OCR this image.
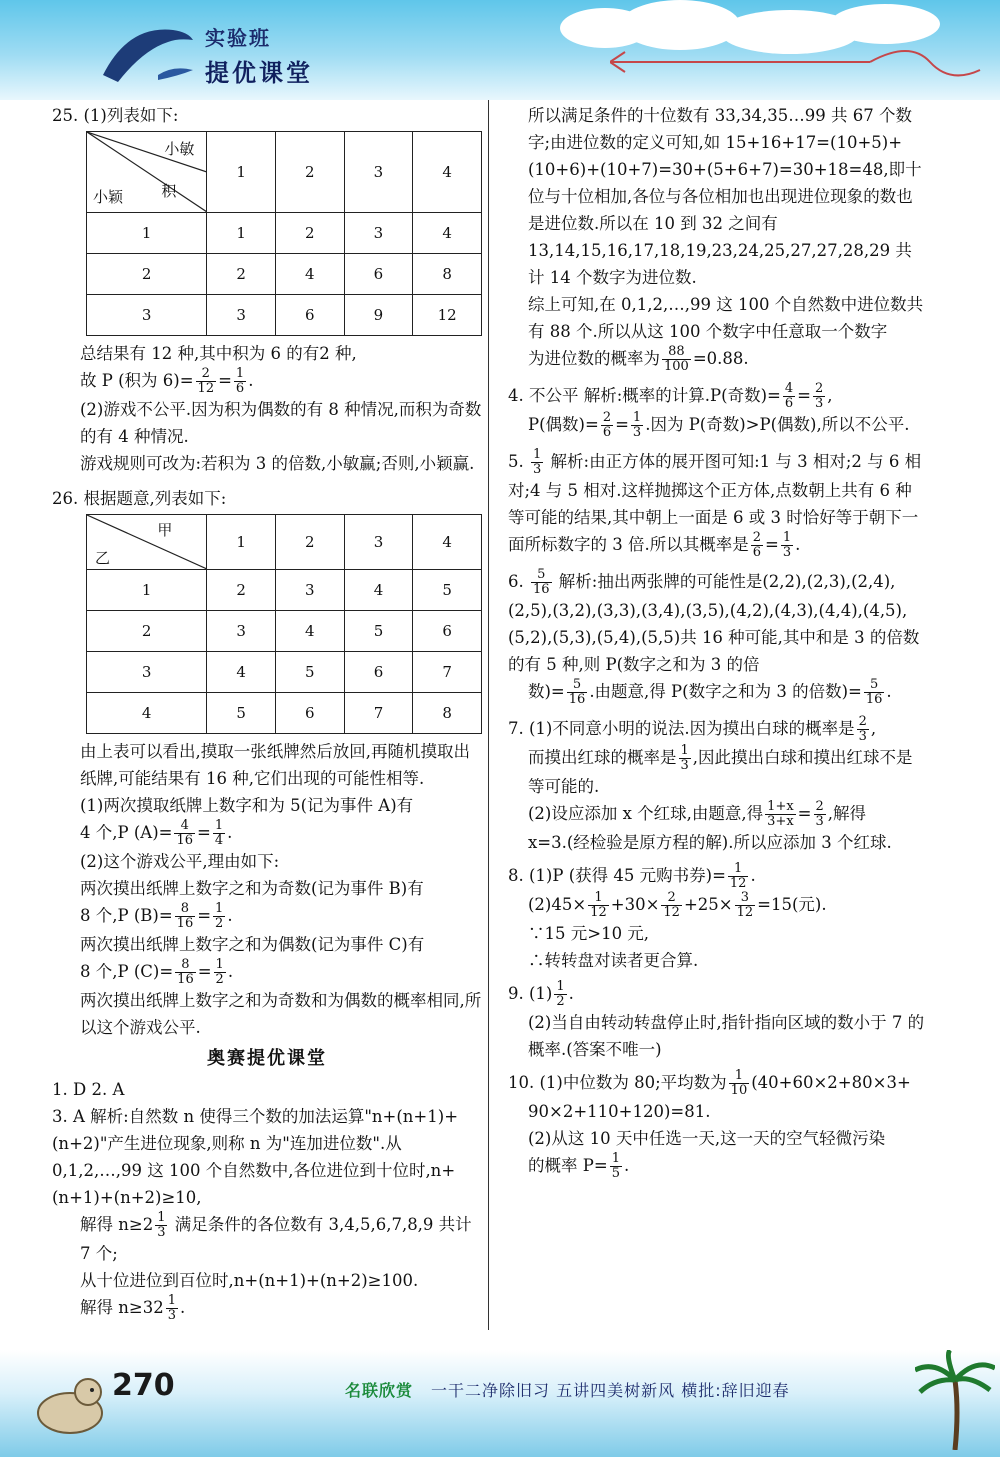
实验班
提优课堂

25. (1)列表如下:

小敏
积
小颖	1	2	3	4
1	1	2	3	4
2	2	4	6	8
3	3	6	9	12

总结果有 12 种,其中积为 6 的有2 种,

故 P (积为 $6)= \frac{2}{12} = \frac{1}{6}$ .

(2)游戏不公平.因为积为偶数的有 8 种情况,而积为奇数的有 4 种情况.

游戏规则可改为:若积为 3 的倍数,小敏赢;否则,小颖赢.

26. 根据题意,列表如下:

甲
乙	1	2	3	4
1	2	3	4	5
2	3	4	5	6
3	4	5	6	7
4	5	6	7	8

由上表可以看出,摸取一张纸牌然后放回,再随机摸取出纸牌,可能结果有 16 种,它们出现的可能性相等.

(1)两次摸取纸牌上数字和为 5(记为事件 A)有

4 个,P $(A)= \frac{4}{16} = \frac{1}{4}$ .

(2)这个游戏公平,理由如下:

两次摸出纸牌上数字之和为奇数(记为事件 B)有

8 个,P $(B)= \frac{8}{16} = \frac{1}{2}$ .

两次摸出纸牌上数字之和为偶数(记为事件 C)有

8 个,P $(C)= \frac{8}{16} = \frac{1}{2}$ .

两次摸出纸牌上数字之和为奇数和为偶数的概率相同,所以这个游戏公平.

奥赛提优课堂

1. D 2. A

3. A 解析:自然数 n 使得三个数的加法运算"n+(n+1)+(n+2)"产生进位现象,则称 n 为"连加进位数".从 0,1,2,…,99 这 100 个自然数中,各位进位到十位时,n+(n+1)+(n+2)≥10,

解得 $n\ge 2 \frac{1}{3}$ 满足条件的各位数有 3,4,5,6,7,8,9 共计 7 个;

从十位进位到百位时,n+(n+1)+(n+2)≥100.

解得 $n\ge 32 \frac{1}{3}$ .

所以满足条件的十位数有 33,34,35…99 共 67 个数字;由进位数的定义可知,如 15+16+17=(10+5)+(10+6)+(10+7)=30+(5+6+7)=30+18=48,即十位与十位相加,各位与各位相加也出现进位现象的数也是进位数.所以在 10 到 32 之间有 13,14,15,16,17,18,19,23,24,25,27,27,28,29 共计 14 个数字为进位数.

综上可知,在 0,1,2,…,99 这 100 个自然数中进位数共有 88 个.所以从这 100 个数字中任意取一个数字

为进位数的概率为 $\frac{88}{100} =0.88$.

4. 不公平 解析:概率的计算.P(奇数)= $\frac{4}{6} = \frac{2}{3}$ ,

P(偶数)= $\frac{2}{6} = \frac{1}{3}$ .因为 P(奇数)>P(偶数),所以不公平.

5. $\frac{1}{3}$ 解析:由正方体的展开图可知:1 与 3 相对;2 与 6 相对;4 与 5 相对.这样抛掷这个正方体,点数朝上共有 6 种等可能的结果,其中朝上一面是 6 或 3 时恰好等于朝下一面所标数字的 3 倍.所以其概率是 $\frac{2}{6} = \frac{1}{3}$ .

6. $\frac{5}{16}$ 解析:抽出两张牌的可能性是(2,2),(2,3),(2,4),(2,5),(3,2),(3,3),(3,4),(3,5),(4,2),(4,3),(4,4),(4,5),(5,2),(5,3),(5,4),(5,5)共 16 种可能,其中和是 3 的倍数的有 5 种,则 P(数字之和为 3 的倍

数)= $\frac{5}{16}$ .由题意,得 P(数字之和为 3 的倍数)= $\frac{5}{16}$ .

7. (1)不同意小明的说法.因为摸出白球的概率是 $\frac{2}{3}$ ,

而摸出红球的概率是 $\frac{1}{3}$ ,因此摸出白球和摸出红球不是等可能的.

(2)设应添加 x 个红球,由题意,得 $\frac{1+x}{3+x} = \frac{2}{3}$ ,解得

x=3.(经检验是原方程的解).所以应添加 3 个红球.

8. (1)P (获得 45 元购书券)= $\frac{1}{12}$ .

$(2)45\times \frac{1}{12} +30\times \frac{2}{12} +25\times \frac{3}{12} =15$(元).

∵15 元>10 元,

∴转转盘对读者更合算.

9. $(1) \frac{1}{2}$ .

(2)当自由转动转盘停止时,指针指向区域的数小于 7 的概率.(答案不唯一)

10. (1)中位数为 80;平均数为 $\frac{1}{10} (40+60\times 2+80\times 3+$

90×2+110+120)=81.

(2)从这 10 天中任选一天,这一天的空气轻微污染

的概率 $P= \frac{1}{5}$ .

270	名联欣赏 一干二净除旧习 五讲四美树新风 横批:辞旧迎春
